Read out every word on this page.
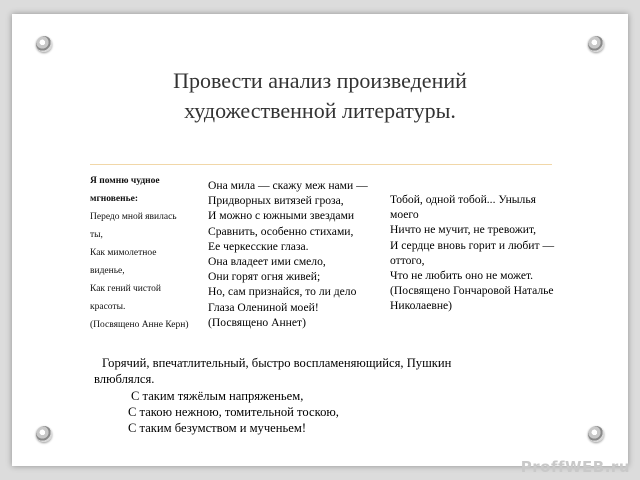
Провести анализ произведений
художественной литературы.
Я помню чудное
мгновенье:
Передо мной явилась
ты,
Как мимолетное
виденье,
Как гений чистой
красоты.
(Посвящено Анне Керн)
Она мила — скажу меж нами —
Придворных витязей гроза,
И можно с южными звездами
Сравнить, особенно стихами,
Ее черкесские глаза.
Она владеет ими смело,
Они горят огня живей;
Но, сам признайся, то ли дело
Глаза Олениной моей!
(Посвящено Аннет)
Тобой, одной тобой... Унылья
моего
Ничто не мучит, не тревожит,
И сердце вновь горит и любит —
оттого,
Что не любить оно не может.
(Посвящено Гончаровой Наталье
Николаевне)
Горячий, впечатлительный, быстро воспламеняющийся, Пушкин
влюблялся.
С таким тяжёлым напряженьем,
С такою нежною, томительной тоскою,
С таким безумством и мученьем!
ProffWEB.ru
